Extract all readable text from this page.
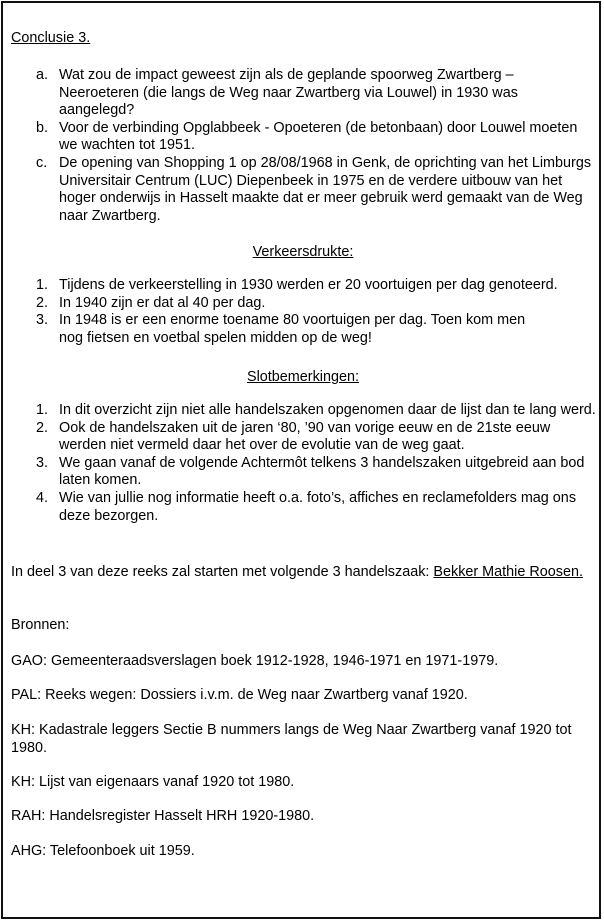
Conclusie 3.
a. Wat zou de impact geweest zijn als de geplande spoorweg Zwartberg – Neeroeteren (die langs de Weg naar Zwartberg via Louwel) in 1930 was aangelegd?
b. Voor de verbinding Opglabbeek - Opoeteren (de betonbaan) door Louwel moeten we wachten tot 1951.
c. De opening van Shopping 1 op 28/08/1968 in Genk, de oprichting van het Limburgs Universitair Centrum (LUC) Diepenbeek in 1975 en de verdere uitbouw van het hoger onderwijs in Hasselt maakte dat er meer gebruik werd gemaakt van de Weg naar Zwartberg.
Verkeersdrukte:
1. Tijdens de verkeerstelling in 1930 werden er 20 voortuigen per dag genoteerd.
2. In 1940 zijn er dat al 40 per dag.
3. In 1948 is er een enorme toename 80 voortuigen per dag. Toen kom men nog fietsen en voetbal spelen midden op de weg!
Slotbemerkingen:
1. In dit overzicht zijn niet alle handelszaken opgenomen daar de lijst dan te lang werd.
2. Ook de handelszaken uit de jaren ‘80, ’90 van vorige eeuw en de 21ste eeuw werden niet vermeld daar het over de evolutie van de weg gaat.
3. We gaan vanaf de volgende Achtermôt telkens 3 handelszaken uitgebreid aan bod laten komen.
4. Wie van jullie nog informatie heeft o.a. foto’s, affiches en reclamefolders mag ons deze bezorgen.
In deel 3 van deze reeks zal starten met volgende 3 handelszaak: Bekker Mathie Roosen.
Bronnen:
GAO: Gemeenteraadsverslagen boek 1912-1928, 1946-1971 en 1971-1979.
PAL: Reeks wegen: Dossiers i.v.m. de Weg naar Zwartberg vanaf 1920.
KH: Kadastrale leggers Sectie B nummers langs de Weg Naar Zwartberg vanaf 1920 tot 1980.
KH: Lijst van eigenaars vanaf 1920 tot 1980.
RAH: Handelsregister Hasselt HRH 1920-1980.
AHG: Telefoonboek uit 1959.
